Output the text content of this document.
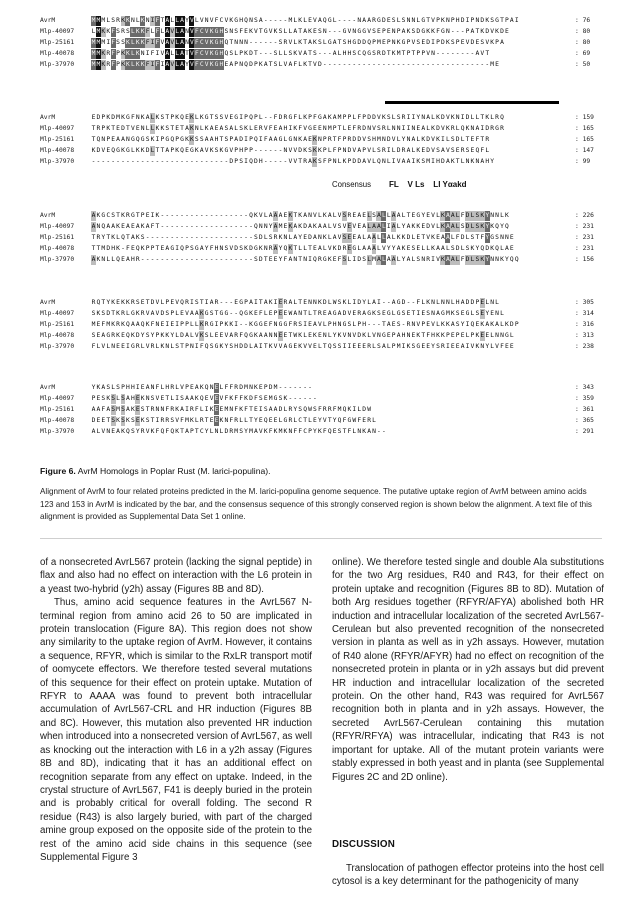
AvrM	M M M L S R K K N L K N I F T A L L A Y V L V N V F C V K G H Q N S A - - - - - M L K L E V A Q G L - - - - N A A R G D E S L S N N L G T V P K N P H D I P N D K S G T P A I	: 76
Mlp-40097	L M K K F S R S L K K F L F L A V L A N V F C V K G H S N S F E K V T G V K S L L A T A K E S N - - - G V N G G V S E P E N P A K S D G K K F G N - - - P A T K D V K D E	: 80
Mlp-25161	M M M I F S S K L K K F I F V A V L A N V F C V K G H Q T N N N - - - - - - S R V L K T A K S L G A T S H G D D Q P M E P N K G P V S E D I P D K S P E V D E S V K P A	: 80
Mlp-40078	M M K R F P K K L K N I F I V A L L A T V F C V K G H Q S L P K D T - - - S L L S K V A T S - - - A L H H S C Q G S R D T K M T P T P P V N - - - - - - - - A V T	: 69
Mlp-37970	M M K R F P K K L K K F I F I A V L A Y V F C V K G H E A P N Q D P K A T S L V A F L K T V D - - - - - - - - - - - - - - - - - - - - - - - - - - - - - - - - - - M E	: 50
AvrM	E D P K D M K G F N K A L K S T P K Q E K L K G T S S V E G I P Q P L - - F D R G F L K P F G A K A M P P L F P D D V K S L S R I I Y N A L K D V K N I D L L T K L R Q	: 159
Mlp-40097	T R P K T E D T V E N L L K K S T E T A K N L K A E A S A L S K L E R V F E A H I K F V G E E N M P T L E F R D N V S R L N N I I N E A L K D V K R L Q K N A I D R G R	: 165
Mlp-25161	T Q N P E A A N G Q G S K I P G Q P G K K S S A A H T S P A D I P Q I F A A G L G N K A E K N P R T F P R D D V S H M N D V L Y N A L K D V K I L S D L T E F T R	: 165
Mlp-40078	K D V E Q G K G L K K D L T T A P K Q E G K A V K S K G V P H P P - - - - - - N V V D K S K K P L F P N D V A P V L S R I L D R A L K E D V S A V S E R S E Q F L	: 147
Mlp-37970	- - - - - - - - - - - - - - - - - - - - - - - - - - - - D P S I Q D H - - - - - V V T R A K S F P N L K P D D A V L Q N L I V A A I K S M I H D A K T L N K N A H Y	: 99
Consensus FL    V Ls    LI Yαakd
AvrM	A K G C S T K R G T P E I K - - - - - - - - - - - - - - - - - - Q K V L A A A E K T K A N V L K A L V S R E A E L S A L L A A L T E G Y E V L K A A L F D L S K Y N N L K	: 226
Mlp-40097	A N Q A A K E A E A K A F T - - - - - - - - - - - - - - - - - - - Q N N Y A M E K A K D A K A A L V S V E V E A L A A L I A L Y A K K E D V L K A A L S D L S K Y K Q Y Q	: 231
Mlp-25161	T R Y T K L Q T A K S - - - - - - - - - - - - - - - - - - - - - - S D L S R K N L A Y E D A N K L A V S E E A L A A L L A L K K D L E T V K E A A L F D L S T F Y G S N N E	: 231
Mlp-40078	T T M D H K - F E Q K P P T E A G I Q P S G A Y F H N S V D S K D G K N R A Y Q K T L L T E A L V K D R E G L A A A L V Y Y A K E S E L L K A A L S D L S K Y Q D K Q L A E	: 231
Mlp-37970	A K N L L Q E A H R - - - - - - - - - - - - - - - - - - - - - - - S D T E E Y F A N T N I Q R G K E F S L I D S L M A L A A L Y A L S N R I V K A A L F D L S K Y N N K Y Q Q	: 156
AvrM	R Q T Y K E K K R S E T D V L P E V Q R I S T I A R - - - E G P A I T A K I E R A L T E N N K D L W S K L I D Y L A I - - A G D - - F L K N L N N L H A D D P E L N L	: 305
Mlp-40097	S K S D T K R L G K R V A V D S P L E V A A K G S T G G - - Q G K E F L E P E E W A N T L T R E A G A D V E R A G K S E G L G S E T I E S N A G M K S E G L S E Y E N L	: 314
Mlp-25161	M E F M K R K Q A A Q K F N E I E I P P L L K R G I P K K I - - K G G E F N G G F R S I E A V L P H N G S L P H - - - T A E S - R N V P E V L K K A S Y I Q E K A K A L K D P	: 316
Mlp-40078	S E A G R K E Q K D Y S Y P K K Y L D A L V K S L E E V A R F Q G K A A N N E E T W K L E K E N L Y K V N V D K L V N G E P A H N E K T F H K K P E P E L P K E E L N N G L	: 313
Mlp-37970	F L V L N E E I G R L V R L K N L S T P N I F Q S G K Y S H D D L A I T K V V A G E K V V E L T Q S S I I E E E R L S A L P M I K S G E E Y S R I E E A I V K N Y L V F E E	: 238
AvrM	Y K A S L S P H H I E A N F L H R L V P E A K Q N E L F F R D M N K E P D M - - - - - - -	: 343
Mlp-40097	P E S K S L S A H E K N S V E T L I S A A K Q E V E V F K F F K D F S E M G S K - - - - - -	: 359
Mlp-25161	A A F A S M S A K E S T R N N F R K A I R F L I K E E M N F K F T E I S A A D L R Y S Q W S F R R F M Q K I L D W	: 361
Mlp-40078	D E E T S K S K S E K S T I R R S V F M K L R T E E K N F R L L T Y E Q E E L G R L C T L E Y V T Y Q F G W F E R L	: 365
Mlp-37970	A L V N E A K Q S Y R V K F Q F Q K T A P T C Y L N L D R M S Y M A V K F K M K N F F C P Y K F Q E S T F L N K A N - -	: 291
Figure 6. AvrM Homologs in Poplar Rust (M. larici-populina).
Alignment of AvrM to four related proteins predicted in the M. larici-populina genome sequence. The putative uptake region of AvrM between amino acids 123 and 153 in AvrM is indicated by the bar, and the consensus sequence of this strongly conserved region is shown below the alignment. A text file of this alignment is provided as Supplemental Data Set 1 online.

of a nonsecreted AvrL567 protein (lacking the signal peptide) in flax and also had no effect on interaction with the L6 protein in a yeast two-hybrid (y2h) assay (Figures 8B and 8D).

Thus, amino acid sequence features in the AvrL567 N-terminal region from amino acid 26 to 50 are implicated in protein translocation (Figure 8A). This region does not show any similarity to the uptake region of AvrM. However, it contains a sequence, RFYR, which is similar to the RxLR transport motif of oomycete effectors. We therefore tested several mutations of this sequence for their effect on protein uptake. Mutation of RFYR to AAAA was found to prevent both intracellular accumulation of AvrL567-CRL and HR induction (Figures 8B and 8C). However, this mutation also prevented HR induction when introduced into a nonsecreted version of AvrL567, as well as knocking out the interaction with L6 in a y2h assay (Figures 8B and 8D), indicating that it has an additional effect on recognition separate from any effect on uptake. Indeed, in the crystal structure of AvrL567, F41 is deeply buried in the protein and is probably critical for overall folding. The second R residue (R43) is also largely buried, with part of the charged amine group exposed on the opposite side of the protein to the rest of the amino acid side chains in this sequence (see Supplemental Figure 3

online). We therefore tested single and double Ala substitutions for the two Arg residues, R40 and R43, for their effect on protein uptake and recognition (Figures 8B to 8D). Mutation of both Arg residues together (RFYR/AFYA) abolished both HR induction and intracellular localization of the secreted AvrL567-Cerulean but also prevented recognition of the nonsecreted version in planta as well as in y2h assays. However, mutation of R40 alone (RFYR/AFYR) had no effect on recognition of the nonsecreted protein in planta or in y2h assays but did prevent HR induction and intracellular localization of the secreted protein. On the other hand, R43 was required for AvrL567 recognition both in planta and in y2h assays. However, the secreted AvrL567-Cerulean containing this mutation (RFYR/RFYA) was intracellular, indicating that R43 is not important for uptake. All of the mutant protein variants were stably expressed in both yeast and in planta (see Supplemental Figures 2C and 2D online).

DISCUSSION
Translocation of pathogen effector proteins into the host cell cytosol is a key determinant for the pathogenicity of many
